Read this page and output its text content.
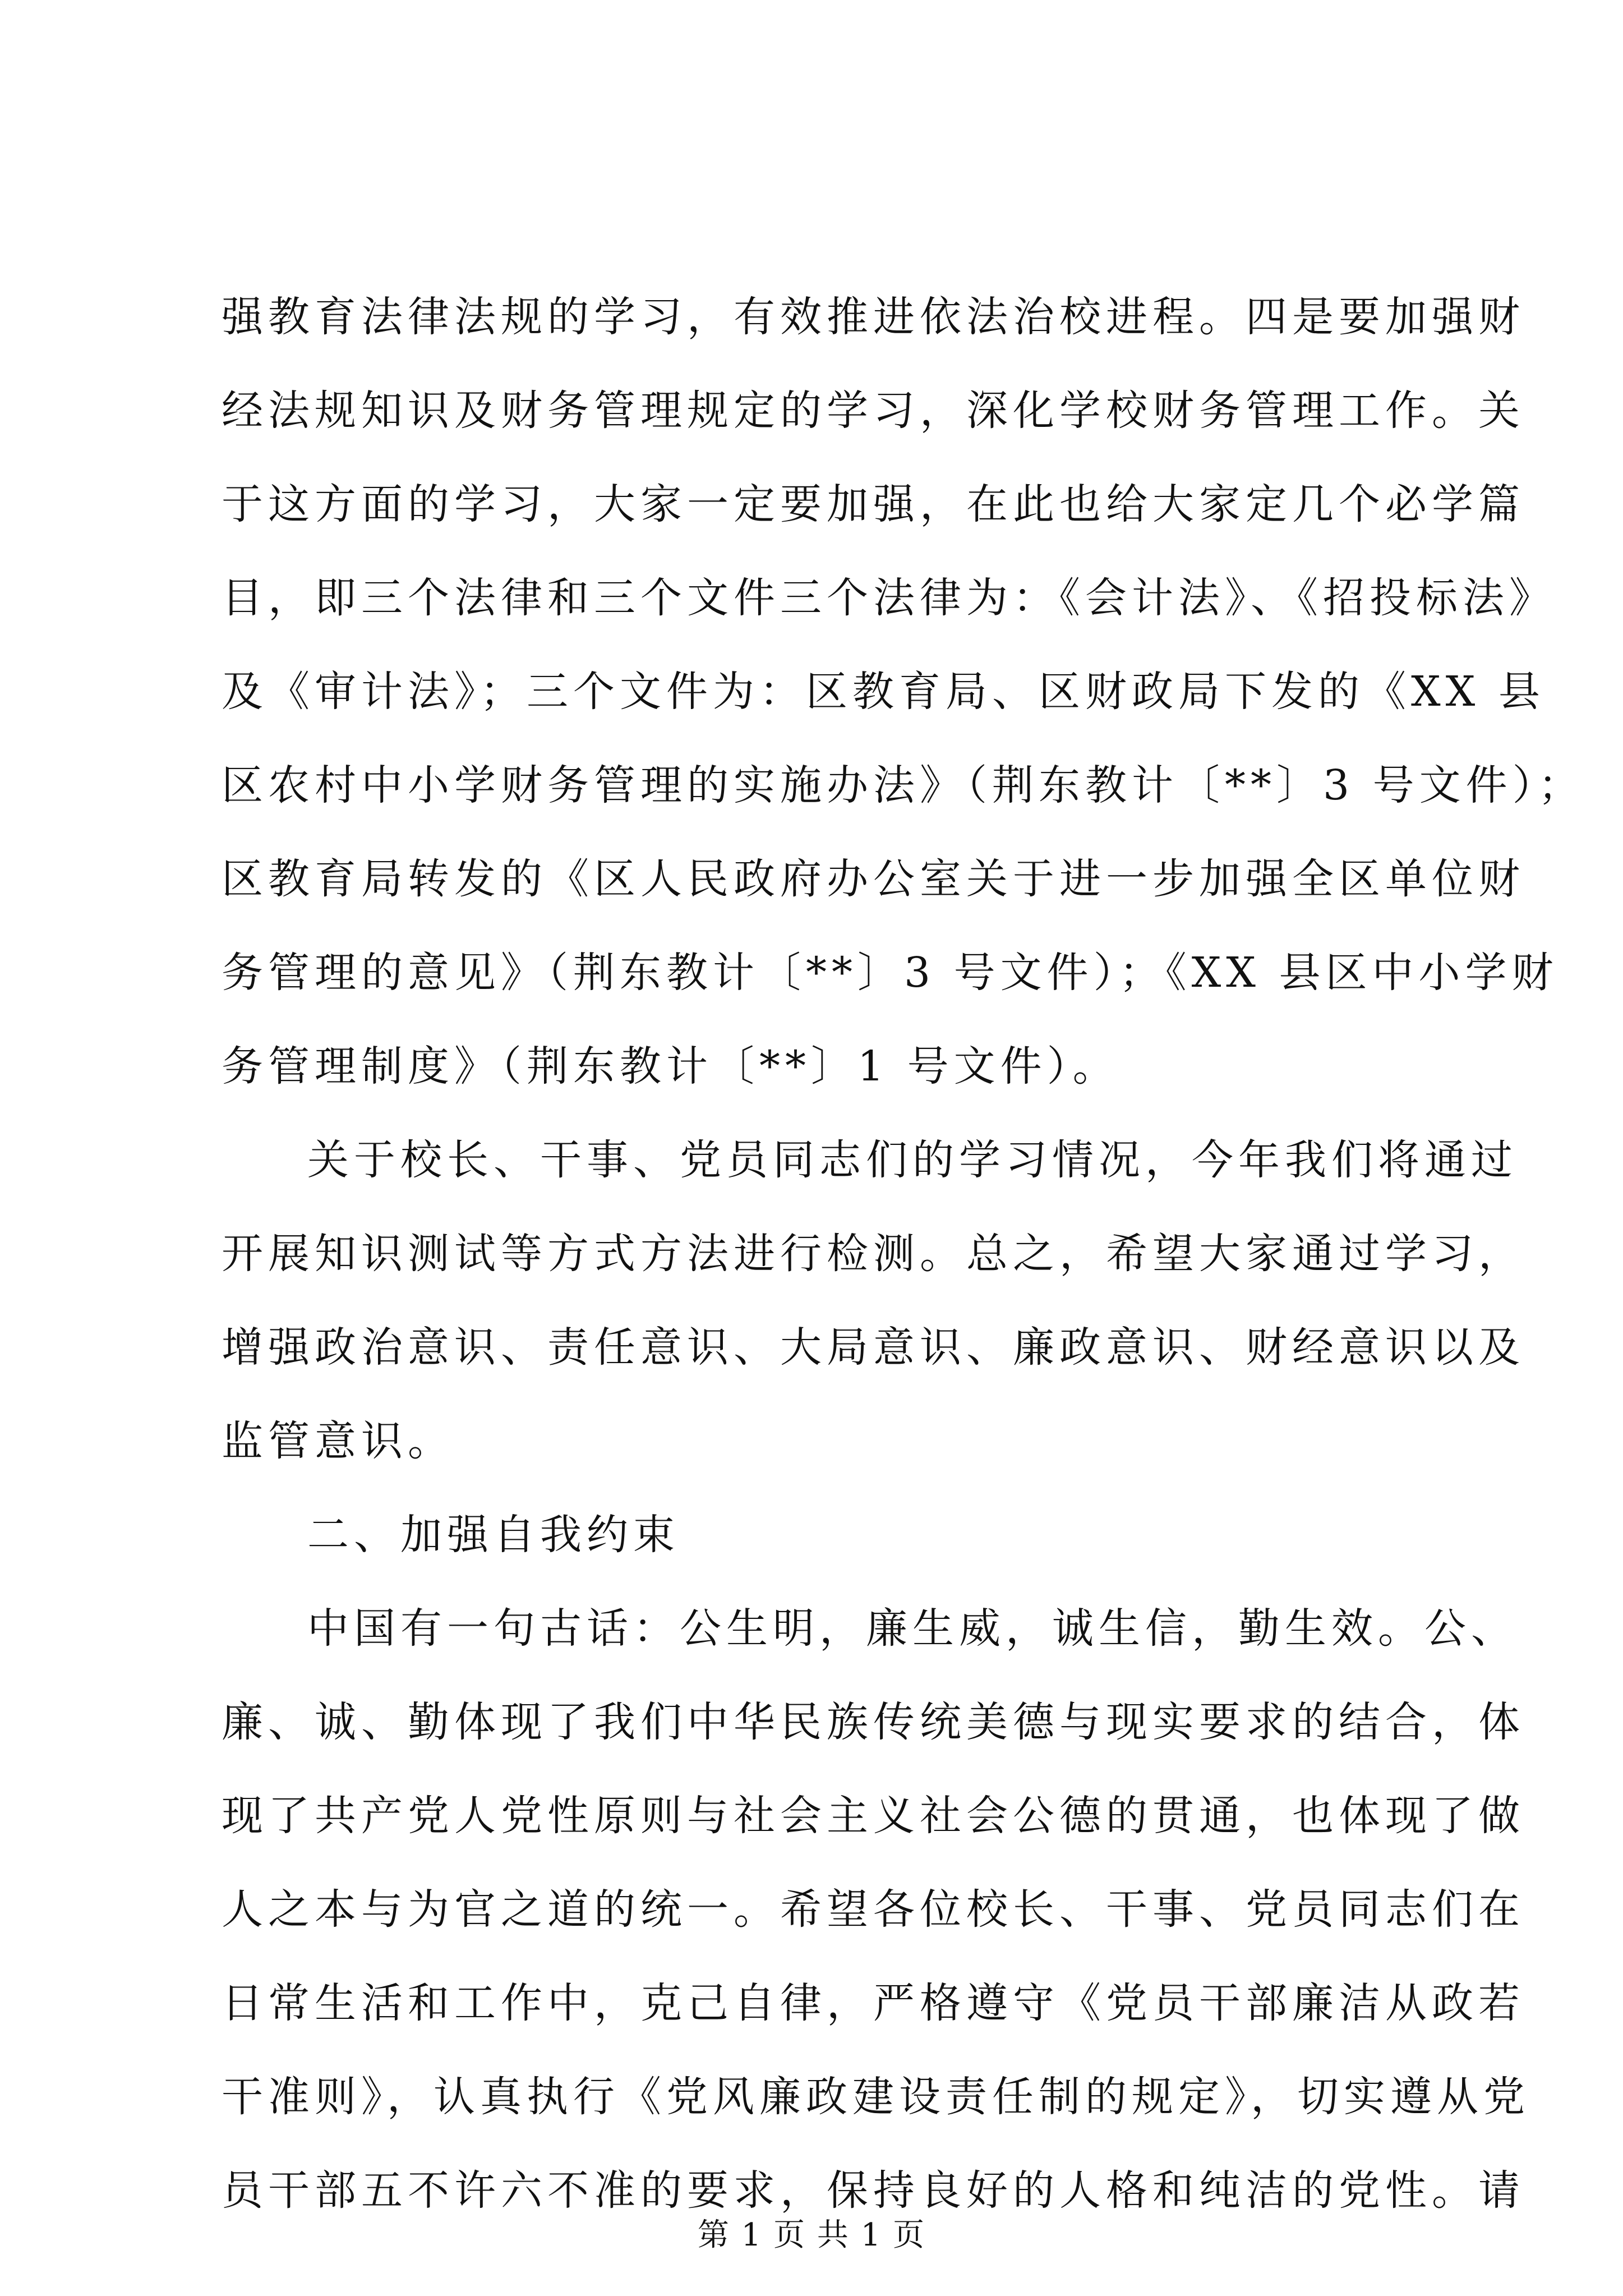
强教育法律法规的学习，有效推进依法治校进程。四是要加强财
经法规知识及财务管理规定的学习，深化学校财务管理工作。关
于这方面的学习，大家一定要加强，在此也给大家定几个必学篇
目，即三个法律和三个文件三个法律为：《会计法》、《招投标法》
及《审计法》；三个文件为：区教育局、区财政局下发的《XX 县
区农村中小学财务管理的实施办法》（荆东教计〔**〕3 号文件）；
区教育局转发的《区人民政府办公室关于进一步加强全区单位财
务管理的意见》（荆东教计〔**〕3 号文件）；《XX 县区中小学财
务管理制度》（荆东教计〔**〕1 号文件）。
关于校长、干事、党员同志们的学习情况，今年我们将通过
开展知识测试等方式方法进行检测。总之，希望大家通过学习，
增强政治意识、责任意识、大局意识、廉政意识、财经意识以及
监管意识。
二、加强自我约束
中国有一句古话：公生明，廉生威，诚生信，勤生效。公、
廉、诚、勤体现了我们中华民族传统美德与现实要求的结合，体
现了共产党人党性原则与社会主义社会公德的贯通，也体现了做
人之本与为官之道的统一。希望各位校长、干事、党员同志们在
日常生活和工作中，克己自律，严格遵守《党员干部廉洁从政若
干准则》，认真执行《党风廉政建设责任制的规定》，切实遵从党
员干部五不许六不准的要求，保持良好的人格和纯洁的党性。请
第 1 页 共 1 页
